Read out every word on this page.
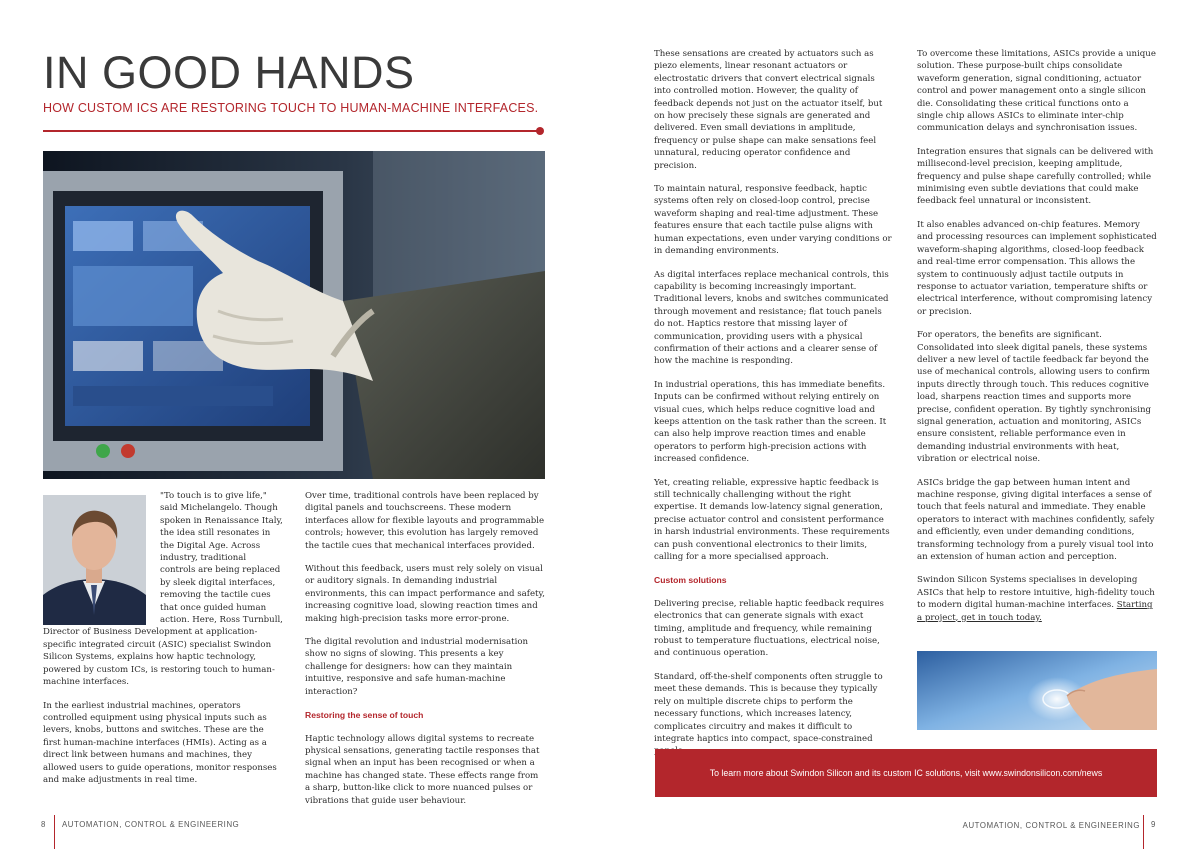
IN GOOD HANDS
HOW CUSTOM ICS ARE RESTORING TOUCH TO HUMAN-MACHINE INTERFACES.

"To touch is to give life," said Michelangelo. Though spoken in Renaissance Italy, the idea still resonates in the Digital Age. Across industry, traditional controls are being replaced by sleek digital interfaces, removing the tactile cues that once guided human action. Here, Ross Turnbull, Director of Business Development at application-specific integrated circuit (ASIC) specialist Swindon Silicon Systems, explains how haptic technology, powered by custom ICs, is restoring touch to human-machine interfaces.

In the earliest industrial machines, operators controlled equipment using physical inputs such as levers, knobs, buttons and switches. These are the first human-machine interfaces (HMIs). Acting as a direct link between humans and machines, they allowed users to guide operations, monitor responses and make adjustments in real time.

Over time, traditional controls have been replaced by digital panels and touchscreens. These modern interfaces allow for flexible layouts and programmable controls; however, this evolution has largely removed the tactile cues that mechanical interfaces provided.

Without this feedback, users must rely solely on visual or auditory signals. In demanding industrial environments, this can impact performance and safety, increasing cognitive load, slowing reaction times and making high-precision tasks more error-prone.

The digital revolution and industrial modernisation show no signs of slowing. This presents a key challenge for designers: how can they maintain intuitive, responsive and safe human-machine interaction?

Restoring the sense of touch

Haptic technology allows digital systems to recreate physical sensations, generating tactile responses that signal when an input has been recognised or when a machine has changed state. These effects range from a sharp, button-like click to more nuanced pulses or vibrations that guide user behaviour.

These sensations are created by actuators such as piezo elements, linear resonant actuators or electrostatic drivers that convert electrical signals into controlled motion. However, the quality of feedback depends not just on the actuator itself, but on how precisely these signals are generated and delivered. Even small deviations in amplitude, frequency or pulse shape can make sensations feel unnatural, reducing operator confidence and precision.

To maintain natural, responsive feedback, haptic systems often rely on closed-loop control, precise waveform shaping and real-time adjustment. These features ensure that each tactile pulse aligns with human expectations, even under varying conditions or in demanding environments.

As digital interfaces replace mechanical controls, this capability is becoming increasingly important. Traditional levers, knobs and switches communicated through movement and resistance; flat touch panels do not. Haptics restore that missing layer of communication, providing users with a physical confirmation of their actions and a clearer sense of how the machine is responding.

In industrial operations, this has immediate benefits. Inputs can be confirmed without relying entirely on visual cues, which helps reduce cognitive load and keeps attention on the task rather than the screen. It can also help improve reaction times and enable operators to perform high-precision actions with increased confidence.

Yet, creating reliable, expressive haptic feedback is still technically challenging without the right expertise. It demands low-latency signal generation, precise actuator control and consistent performance in harsh industrial environments. These requirements can push conventional electronics to their limits, calling for a more specialised approach.

Custom solutions

Delivering precise, reliable haptic feedback requires electronics that can generate signals with exact timing, amplitude and frequency, while remaining robust to temperature fluctuations, electrical noise, and continuous operation.

Standard, off-the-shelf components often struggle to meet these demands. This is because they typically rely on multiple discrete chips to perform the necessary functions, which increases latency, complicates circuitry and makes it difficult to integrate haptics into compact, space-constrained

To overcome these limitations, ASICs provide a unique solution. These purpose-built chips consolidate waveform generation, signal conditioning, actuator control and power management onto a single silicon die. Consolidating these critical functions onto a single chip allows ASICs to eliminate inter-chip communication delays and synchronisation issues.

Integration ensures that signals can be delivered with millisecond-level precision, keeping amplitude, frequency and pulse shape carefully controlled; while minimising even subtle deviations that could make feedback feel unnatural or inconsistent.

It also enables advanced on-chip features. Memory and processing resources can implement sophisticated waveform-shaping algorithms, closed-loop feedback and real-time error compensation. This allows the system to continuously adjust tactile outputs in response to actuator variation, temperature shifts or electrical interference, without compromising latency or precision.

For operators, the benefits are significant. Consolidated into sleek digital panels, these systems deliver a new level of tactile feedback far beyond the use of mechanical controls, allowing users to confirm inputs directly through touch. This reduces cognitive load, sharpens reaction times and supports more precise, confident operation. By tightly synchronising signal generation, actuation and monitoring, ASICs ensure consistent, reliable performance even in demanding industrial environments with heat, vibration or electrical noise.

ASICs bridge the gap between human intent and machine response, giving digital interfaces a sense of touch that feels natural and immediate. They enable operators to interact with machines confidently, safely and efficiently, even under demanding conditions, transforming technology from a purely visual tool into an extension of human action and perception.

Swindon Silicon Systems specialises in developing ASICs that help to restore intuitive, high-fidelity touch to modern digital human-machine interfaces. Starting a project, get in touch today.

To learn more about Swindon Silicon and its custom IC solutions, visit www.swindonsilicon.com/news
8 AUTOMATION, CONTROL & ENGINEERING	AUTOMATION, CONTROL & ENGINEERING 9
